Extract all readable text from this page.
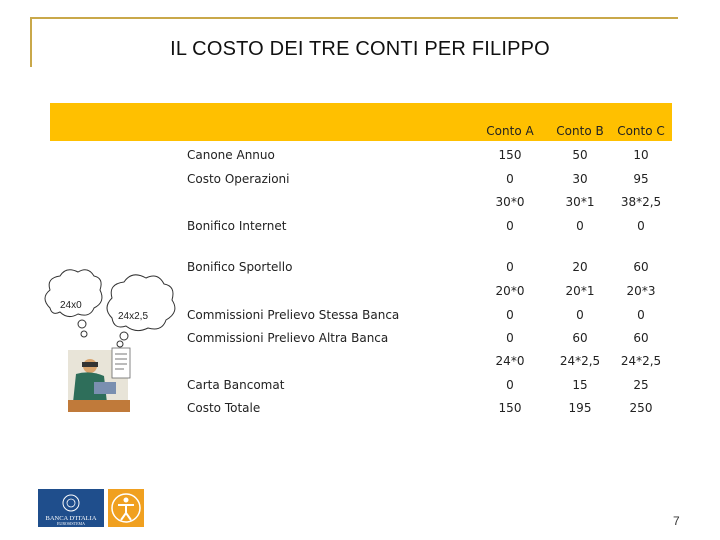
IL COSTO DEI TRE CONTI PER FILIPPO
Conto A	Conto B	Conto C
Canone Annuo	150	50	10
Costo Operazioni	0	30	95
30*0	30*1	38*2,5
Bonifico Internet	0	0	0
Bonifico Sportello	0	20	60
20*0	20*1	20*3
Commissioni Prelievo Stessa Banca	0	0	0
Commissioni Prelievo Altra Banca	0	60	60
24*0	24*2,5	24*2,5
Carta Bancomat	0	15	25
Costo Totale	150	195	250
24x0
24x2,5
BANCA D'ITALIA
EUROSISTEMA	7
